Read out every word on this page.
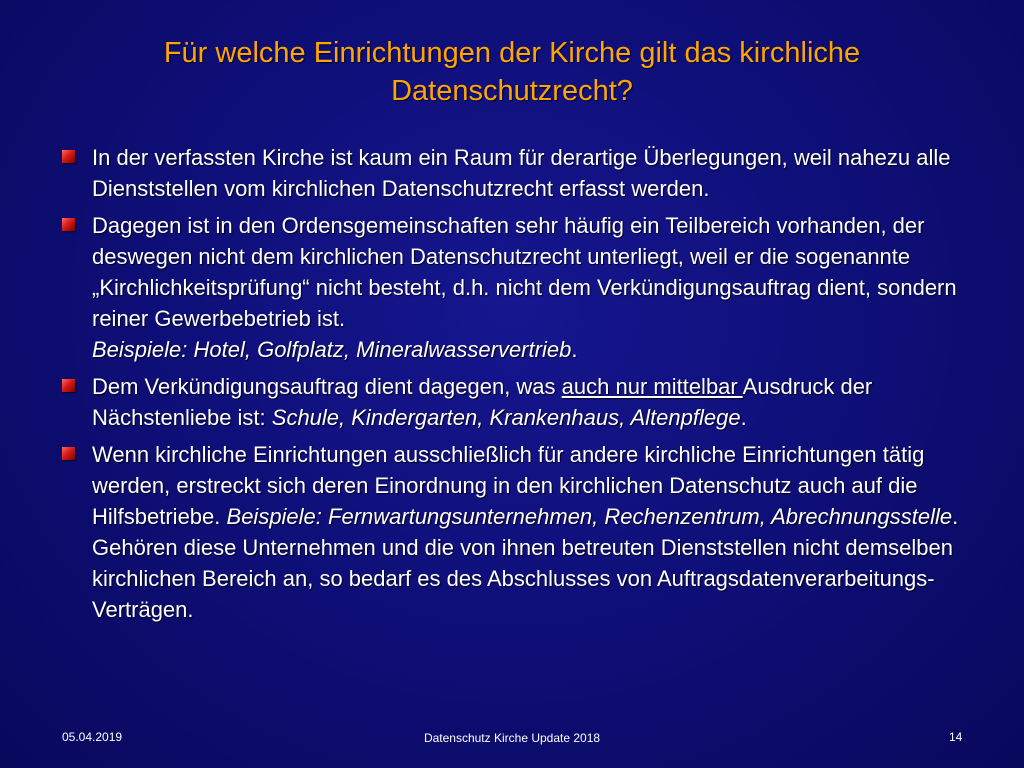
Für welche Einrichtungen der Kirche gilt das kirchliche
Datenschutzrecht?
In der verfassten Kirche ist kaum ein Raum für derartige Überlegungen, weil nahezu alle Dienststellen vom kirchlichen Datenschutzrecht erfasst werden.
Dagegen ist in den Ordensgemeinschaften sehr häufig ein Teilbereich vorhanden, der deswegen nicht dem kirchlichen Datenschutzrecht unterliegt, weil er die sogenannte „Kirchlichkeitsprüfung“ nicht besteht, d.h. nicht dem Verkündigungsauftrag dient, sondern reiner Gewerbebetrieb ist.
Beispiele: Hotel, Golfplatz, Mineralwasservertrieb.
Dem Verkündigungsauftrag dient dagegen, was auch nur mittelbar Ausdruck der Nächstenliebe ist: Schule, Kindergarten, Krankenhaus, Altenpflege.
Wenn kirchliche Einrichtungen ausschließlich für andere kirchliche Einrichtungen tätig werden, erstreckt sich deren Einordnung in den kirchlichen Datenschutz auch auf die Hilfsbetriebe. Beispiele: Fernwartungsunternehmen, Rechenzentrum, Abrechnungsstelle.
Gehören diese Unternehmen und die von ihnen betreuten Dienststellen nicht demselben kirchlichen Bereich an, so bedarf es des Abschlusses von Auftragsdatenverarbeitungs-Verträgen.
05.04.2019	Datenschutz Kirche Update 2018	14
